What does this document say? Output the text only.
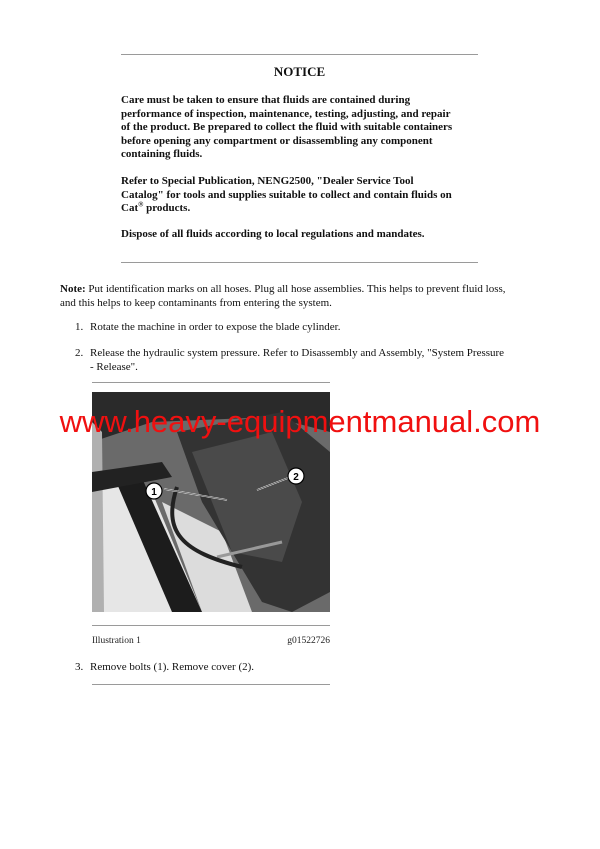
NOTICE
Care must be taken to ensure that fluids are contained during
performance of inspection, maintenance, testing, adjusting, and repair
of the product. Be prepared to collect the fluid with suitable containers
before opening any compartment or disassembling any component
containing fluids.
Refer to Special Publication, NENG2500, "Dealer Service Tool
Catalog" for tools and supplies suitable to collect and contain fluids on
Cat® products.
Dispose of all fluids according to local regulations and mandates.
Note: Put identification marks on all hoses. Plug all hose assemblies. This helps to prevent fluid loss,
and this helps to keep contaminants from entering the system.
1. Rotate the machine in order to expose the blade cylinder.
2. Release the hydraulic system pressure. Refer to Disassembly and Assembly, "System Pressure
- Release".
1
2
www.heavy-equipmentmanual.com
Illustration 1	g01522726
3. Remove bolts (1). Remove cover (2).
